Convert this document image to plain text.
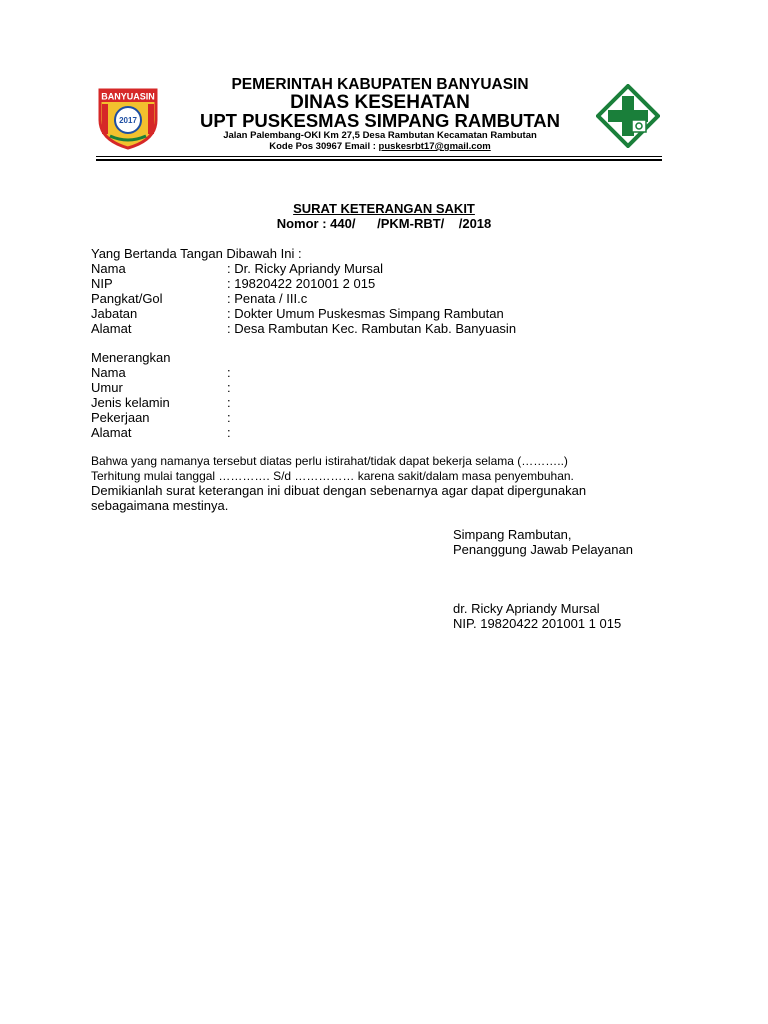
BANYUASIN
2017
PEMERINTAH KABUPATEN BANYUASIN
DINAS KESEHATAN
UPT PUSKESMAS SIMPANG RAMBUTAN
Jalan Palembang-OKI Km 27,5 Desa Rambutan Kecamatan Rambutan
Kode Pos 30967 Email : puskesrbt17@gmail.com
SURAT KETERANGAN SAKIT
Nomor : 440/      /PKM-RBT/    /2018
Yang Bertanda Tangan Dibawah Ini :
Nama	: Dr. Ricky Apriandy Mursal
NIP	: 19820422 201001 2 015
Pangkat/Gol	: Penata / III.c
Jabatan	: Dokter Umum Puskesmas Simpang Rambutan
Alamat	: Desa Rambutan Kec. Rambutan Kab. Banyuasin
Menerangkan
Nama	:
Umur	:
Jenis kelamin	:
Pekerjaan	:
Alamat	:
Bahwa yang namanya tersebut diatas perlu istirahat/tidak dapat bekerja selama (………..)
Terhitung mulai tanggal …………. S/d …………… karena sakit/dalam masa penyembuhan.
Demikianlah surat keterangan ini dibuat dengan sebenarnya agar dapat dipergunakan
sebagaimana mestinya.
Simpang Rambutan,
Penanggung Jawab Pelayanan
dr. Ricky Apriandy Mursal
NIP. 19820422 201001 1 015
